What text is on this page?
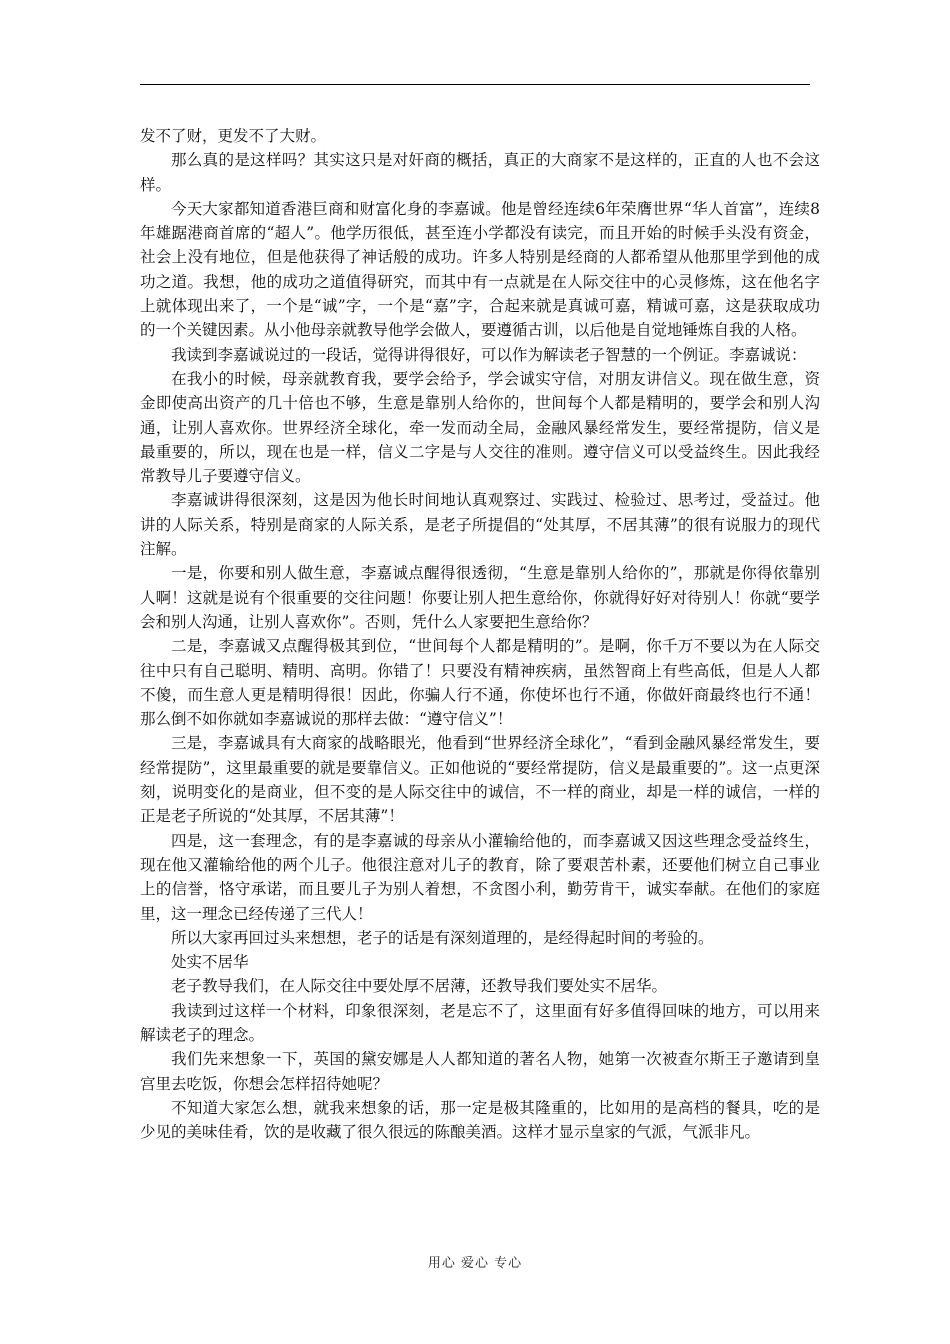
发不了财，更发不了大财。

那么真的是这样吗？其实这只是对奸商的概括，真正的大商家不是这样的，正直的人也不会这样。

今天大家都知道香港巨商和财富化身的李嘉诚。他是曾经连续6年荣膺世界“华人首富”，连续8年雄踞港商首席的“超人”。他学历很低，甚至连小学都没有读完，而且开始的时候手头没有资金，社会上没有地位，但是他获得了神话般的成功。许多人特别是经商的人都希望从他那里学到他的成功之道。我想，他的成功之道值得研究，而其中有一点就是在人际交往中的心灵修炼，这在他名字上就体现出来了，一个是“诚”字，一个是“嘉”字，合起来就是真诚可嘉，精诚可嘉，这是获取成功的一个关键因素。从小他母亲就教导他学会做人，要遵循古训，以后他是自觉地锤炼自我的人格。

我读到李嘉诚说过的一段话，觉得讲得很好，可以作为解读老子智慧的一个例证。李嘉诚说：

在我小的时候，母亲就教育我，要学会给予，学会诚实守信，对朋友讲信义。现在做生意，资金即使高出资产的几十倍也不够，生意是靠别人给你的，世间每个人都是精明的，要学会和别人沟通，让别人喜欢你。世界经济全球化，牵一发而动全局，金融风暴经常发生，要经常提防，信义是最重要的，所以，现在也是一样，信义二字是与人交往的准则。遵守信义可以受益终生。因此我经常教导儿子要遵守信义。

李嘉诚讲得很深刻，这是因为他长时间地认真观察过、实践过、检验过、思考过，受益过。他讲的人际关系，特别是商家的人际关系，是老子所提倡的“处其厚，不居其薄”的很有说服力的现代注解。

一是，你要和别人做生意，李嘉诚点醒得很透彻，“生意是靠别人给你的”，那就是你得依靠别人啊！这就是说有个很重要的交往问题！你要让别人把生意给你，你就得好好对待别人！你就“要学会和别人沟通，让别人喜欢你”。否则，凭什么人家要把生意给你？

二是，李嘉诚又点醒得极其到位，“世间每个人都是精明的”。是啊，你千万不要以为在人际交往中只有自己聪明、精明、高明。你错了！只要没有精神疾病，虽然智商上有些高低，但是人人都不傻，而生意人更是精明得很！因此，你骗人行不通，你使坏也行不通，你做奸商最终也行不通！那么倒不如你就如李嘉诚说的那样去做：“遵守信义”！

三是，李嘉诚具有大商家的战略眼光，他看到“世界经济全球化”，“看到金融风暴经常发生，要经常提防”，这里最重要的就是要靠信义。正如他说的“要经常提防，信义是最重要的”。这一点更深刻，说明变化的是商业，但不变的是人际交往中的诚信，不一样的商业，却是一样的诚信，一样的正是老子所说的“处其厚，不居其薄”！

四是，这一套理念，有的是李嘉诚的母亲从小灌输给他的，而李嘉诚又因这些理念受益终生，现在他又灌输给他的两个儿子。他很注意对儿子的教育，除了要艰苦朴素，还要他们树立自己事业上的信誉，恪守承诺，而且要儿子为别人着想，不贪图小利，勤劳肯干，诚实奉献。在他们的家庭里，这一理念已经传递了三代人！

所以大家再回过头来想想，老子的话是有深刻道理的，是经得起时间的考验的。

处实不居华

老子教导我们，在人际交往中要处厚不居薄，还教导我们要处实不居华。

我读到过这样一个材料，印象很深刻，老是忘不了，这里面有好多值得回味的地方，可以用来解读老子的理念。

我们先来想象一下，英国的黛安娜是人人都知道的著名人物，她第一次被查尔斯王子邀请到皇宫里去吃饭，你想会怎样招待她呢？

不知道大家怎么想，就我来想象的话，那一定是极其隆重的，比如用的是高档的餐具，吃的是少见的美味佳肴，饮的是收藏了很久很远的陈酿美酒。这样才显示皇家的气派，气派非凡。

用心 爱心 专心
